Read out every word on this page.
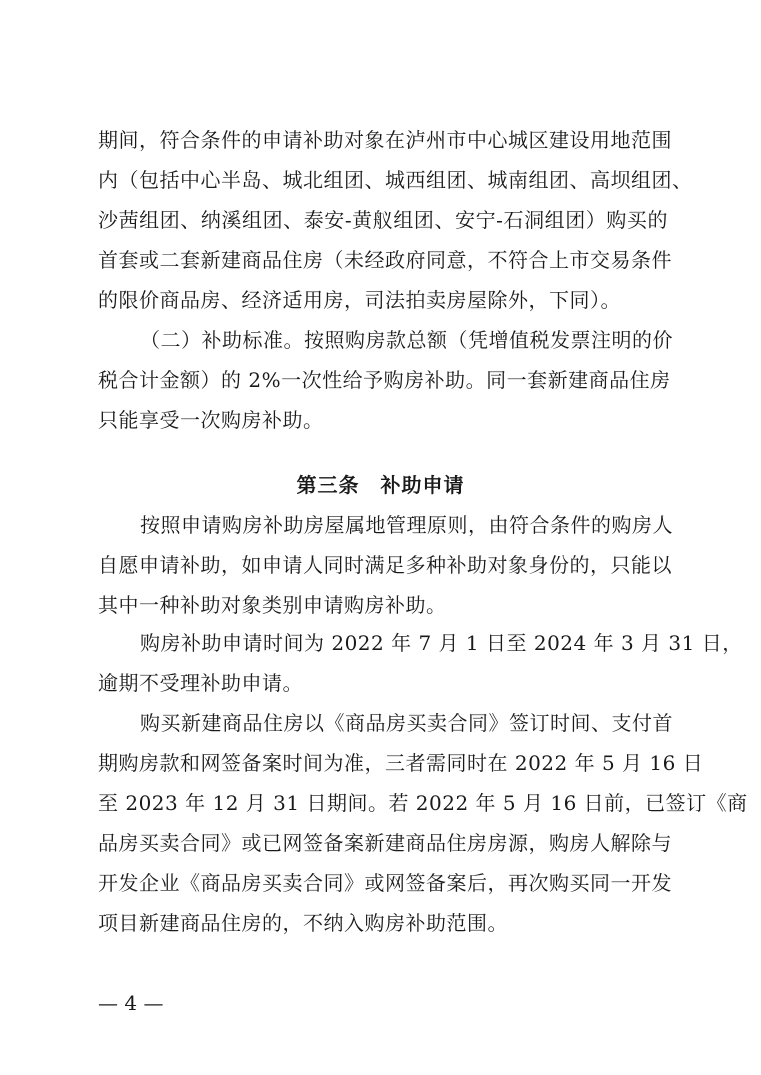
期间，符合条件的申请补助对象在泸州市中心城区建设用地范围
内（包括中心半岛、城北组团、城西组团、城南组团、高坝组团、
沙茜组团、纳溪组团、泰安-黄舣组团、安宁-石洞组团）购买的
首套或二套新建商品住房（未经政府同意，不符合上市交易条件
的限价商品房、经济适用房，司法拍卖房屋除外，下同）。
（二）补助标准。按照购房款总额（凭增值税发票注明的价
税合计金额）的 2%一次性给予购房补助。同一套新建商品住房
只能享受一次购房补助。
第三条　补助申请
按照申请购房补助房屋属地管理原则，由符合条件的购房人
自愿申请补助，如申请人同时满足多种补助对象身份的，只能以
其中一种补助对象类别申请购房补助。
购房补助申请时间为 2022 年 7 月 1 日至 2024 年 3 月 31 日，
逾期不受理补助申请。
购买新建商品住房以《商品房买卖合同》签订时间、支付首
期购房款和网签备案时间为准，三者需同时在 2022 年 5 月 16 日
至 2023 年 12 月 31 日期间。若 2022 年 5 月 16 日前，已签订《商
品房买卖合同》或已网签备案新建商品住房房源，购房人解除与
开发企业《商品房买卖合同》或网签备案后，再次购买同一开发
项目新建商品住房的，不纳入购房补助范围。
— 4 —
